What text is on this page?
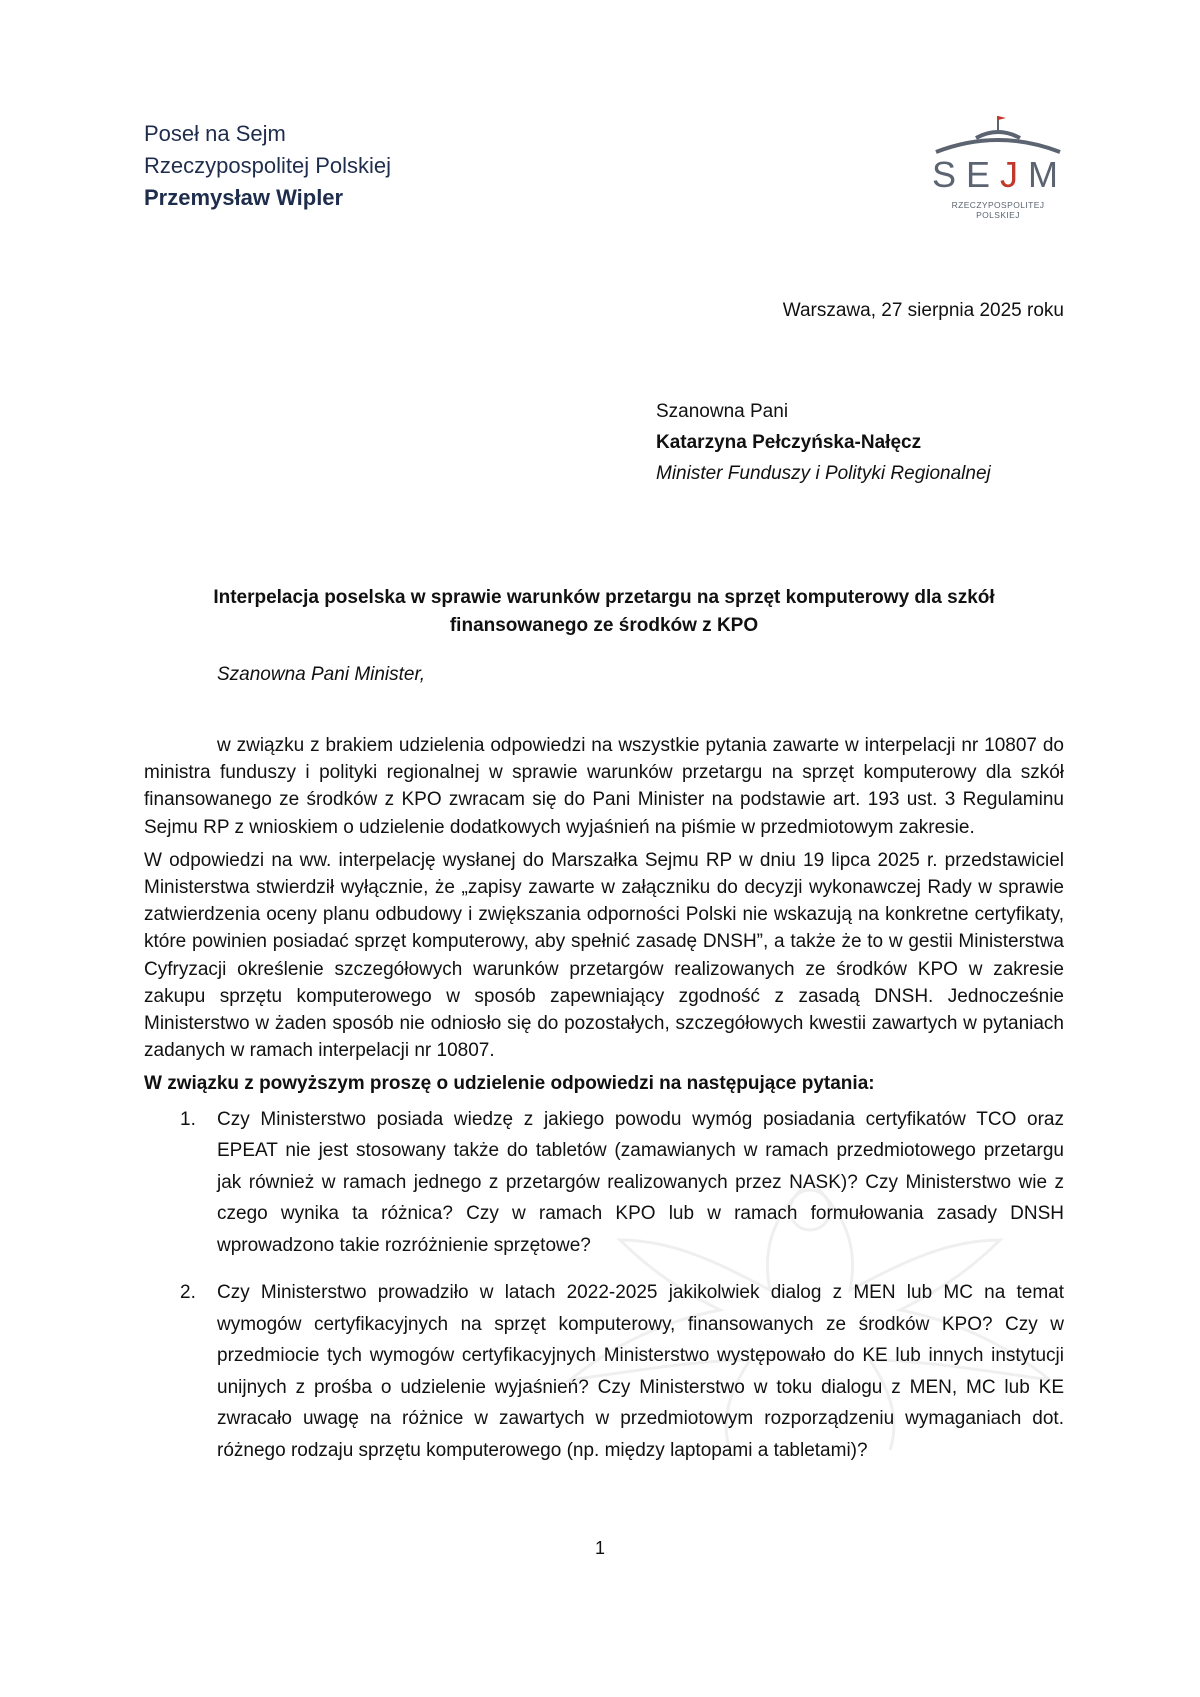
Poseł na Sejm
Rzeczypospolitej Polskiej
Przemysław Wipler
SEJM
RZECZYPOSPOLITEJ POLSKIEJ
Warszawa, 27 sierpnia 2025 roku
Szanowna Pani
Katarzyna Pełczyńska-Nałęcz
Minister Funduszy i Polityki Regionalnej
Interpelacja poselska w sprawie warunków przetargu na sprzęt komputerowy dla szkół
finansowanego ze środków z KPO
Szanowna Pani Minister,

w związku z brakiem udzielenia odpowiedzi na wszystkie pytania zawarte w interpelacji nr 10807 do ministra funduszy i polityki regionalnej w sprawie warunków przetargu na sprzęt komputerowy dla szkół finansowanego ze środków z KPO zwracam się do Pani Minister na podstawie art. 193 ust. 3 Regulaminu Sejmu RP z wnioskiem o udzielenie dodatkowych wyjaśnień na piśmie w przedmiotowym zakresie.

W odpowiedzi na ww. interpelację wysłanej do Marszałka Sejmu RP w dniu 19 lipca 2025 r. przedstawiciel Ministerstwa stwierdził wyłącznie, że „zapisy zawarte w załączniku do decyzji wykonawczej Rady w sprawie zatwierdzenia oceny planu odbudowy i zwiększania odporności Polski nie wskazują na konkretne certyfikaty, które powinien posiadać sprzęt komputerowy, aby spełnić zasadę DNSH”, a także że to w gestii Ministerstwa Cyfryzacji określenie szczegółowych warunków przetargów realizowanych ze środków KPO w zakresie zakupu sprzętu komputerowego w sposób zapewniający zgodność z zasadą DNSH. Jednocześnie Ministerstwo w żaden sposób nie odniosło się do pozostałych, szczegółowych kwestii zawartych w pytaniach zadanych w ramach interpelacji nr 10807.

W związku z powyższym proszę o udzielenie odpowiedzi na następujące pytania:

1. Czy Ministerstwo posiada wiedzę z jakiego powodu wymóg posiadania certyfikatów TCO oraz EPEAT nie jest stosowany także do tabletów (zamawianych w ramach przedmiotowego przetargu jak również w ramach jednego z przetargów realizowanych przez NASK)? Czy Ministerstwo wie z czego wynika ta różnica? Czy w ramach KPO lub w ramach formułowania zasady DNSH wprowadzono takie rozróżnienie sprzętowe?
2. Czy Ministerstwo prowadziło w latach 2022-2025 jakikolwiek dialog z MEN lub MC na temat wymogów certyfikacyjnych na sprzęt komputerowy, finansowanych ze środków KPO? Czy w przedmiocie tych wymogów certyfikacyjnych Ministerstwo występowało do KE lub innych instytucji unijnych z prośba o udzielenie wyjaśnień? Czy Ministerstwo w toku dialogu z MEN, MC lub KE zwracało uwagę na różnice w zawartych w przedmiotowym rozporządzeniu wymaganiach dot. różnego rodzaju sprzętu komputerowego (np. między laptopami a tabletami)?
1
